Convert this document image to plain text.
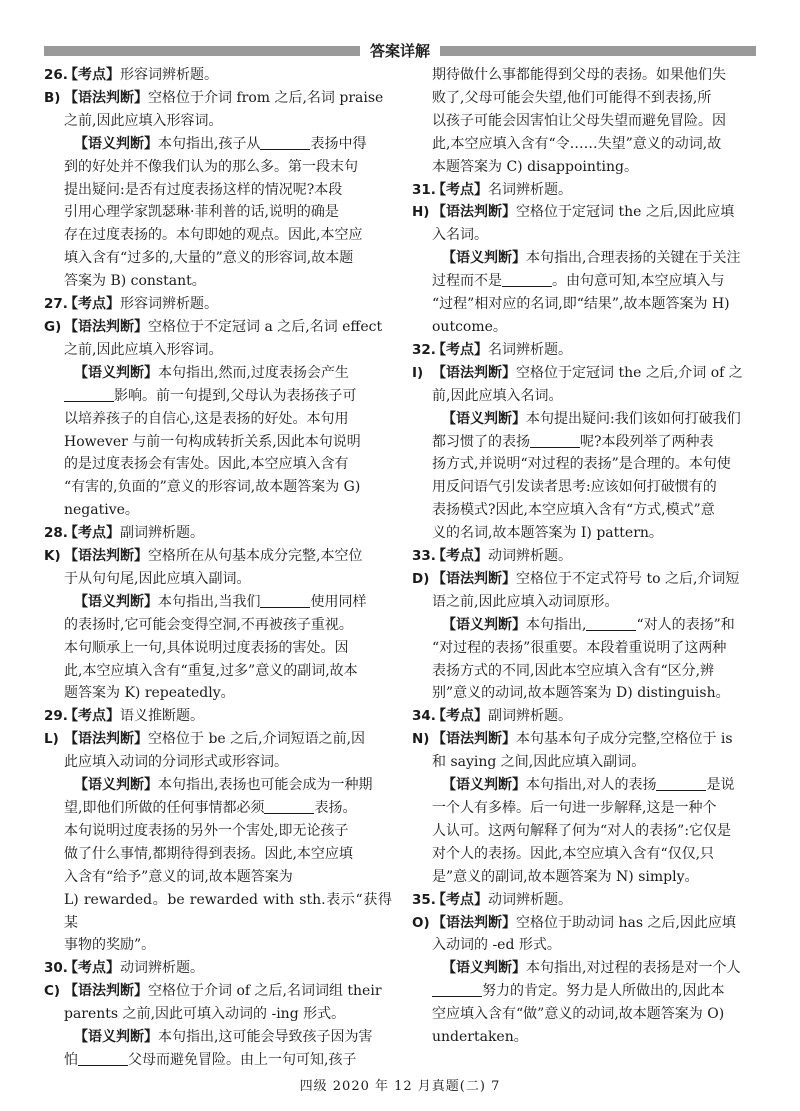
答案详解
26.
【考点】形容词辨析题。
B) 【语法判断】空格位于介词 from 之后,名词 praise
之前,因此应填入形容词。
【语义判断】本句指出,孩子从	表扬中得
到的好处并不像我们认为的那么多。第一段末句
提出疑问:是否有过度表扬这样的情况呢?本段
引用心理学家凯瑟琳·菲利普的话,说明的确是
存在过度表扬的。本句即她的观点。因此,本空应
填入含有“过多的,大量的”意义的形容词,故本题
答案为 B) constant。
27.
【考点】形容词辨析题。
G) 【语法判断】空格位于不定冠词 a 之后,名词 effect
之前,因此应填入形容词。
【语义判断】本句指出,然而,过度表扬会产生
影响。前一句提到,父母认为表扬孩子可
以培养孩子的自信心,这是表扬的好处。本句用
However 与前一句构成转折关系,因此本句说明
的是过度表扬会有害处。因此,本空应填入含有
“有害的,负面的”意义的形容词,故本题答案为 G)
negative。
28.
【考点】副词辨析题。
K) 【语法判断】空格所在从句基本成分完整,本空位
于从句句尾,因此应填入副词。
【语义判断】本句指出,当我们	使用同样
的表扬时,它可能会变得空洞,不再被孩子重视。
本句顺承上一句,具体说明过度表扬的害处。因
此,本空应填入含有“重复,过多”意义的副词,故本
题答案为 K) repeatedly。
29.
【考点】语义推断题。
L) 【语法判断】空格位于 be 之后,介词短语之前,因
此应填入动词的分词形式或形容词。
【语义判断】本句指出,表扬也可能会成为一种期
望,即他们所做的任何事情都必须	表扬。
本句说明过度表扬的另外一个害处,即无论孩子
做了什么事情,都期待得到表扬。因此,本空应填
入含有“给予”意义的词,故本题答案为
L) rewarded。be rewarded with sth.表示“获得某
事物的奖励”。
30.
【考点】动词辨析题。
C) 【语法判断】空格位于介词 of 之后,名词词组 their
parents 之前,因此可填入动词的 -ing 形式。
【语义判断】本句指出,这可能会导致孩子因为害
怕	父母而避免冒险。由上一句可知,孩子
期待做什么事都能得到父母的表扬。如果他们失
败了,父母可能会失望,他们可能得不到表扬,所
以孩子可能会因害怕让父母失望而避免冒险。因
此,本空应填入含有“令……失望”意义的动词,故
本题答案为 C) disappointing。
31.
【考点】名词辨析题。
H) 【语法判断】空格位于定冠词 the 之后,因此应填
入名词。
【语义判断】本句指出,合理表扬的关键在于关注
过程而不是	。由句意可知,本空应填入与
“过程”相对应的名词,即“结果”,故本题答案为 H)
outcome。
32.
【考点】名词辨析题。
I) 【语法判断】空格位于定冠词 the 之后,介词 of 之
前,因此应填入名词。
【语义判断】本句提出疑问:我们该如何打破我们
都习惯了的表扬	呢?本段列举了两种表
扬方式,并说明“对过程的表扬”是合理的。本句使
用反问语气引发读者思考:应该如何打破惯有的
表扬模式?因此,本空应填入含有“方式,模式”意
义的名词,故本题答案为 I) pattern。
33.
【考点】动词辨析题。
D) 【语法判断】空格位于不定式符号 to 之后,介词短
语之前,因此应填入动词原形。
【语义判断】本句指出,	“对人的表扬”和
“对过程的表扬”很重要。本段着重说明了这两种
表扬方式的不同,因此本空应填入含有“区分,辨
别”意义的动词,故本题答案为 D) distinguish。
34.
【考点】副词辨析题。
N) 【语法判断】本句基本句子成分完整,空格位于 is
和 saying 之间,因此应填入副词。
【语义判断】本句指出,对人的表扬	是说
一个人有多棒。后一句进一步解释,这是一种个
人认可。这两句解释了何为“对人的表扬”:它仅是
对个人的表扬。因此,本空应填入含有“仅仅,只
是”意义的副词,故本题答案为 N) simply。
35.
【考点】动词辨析题。
O) 【语法判断】空格位于助动词 has 之后,因此应填
入动词的 -ed 形式。
【语义判断】本句指出,对过程的表扬是对一个人
努力的肯定。努力是人所做出的,因此本
空应填入含有“做”意义的动词,故本题答案为 O)
undertaken。
四级 2020 年 12 月真题(二) 7
